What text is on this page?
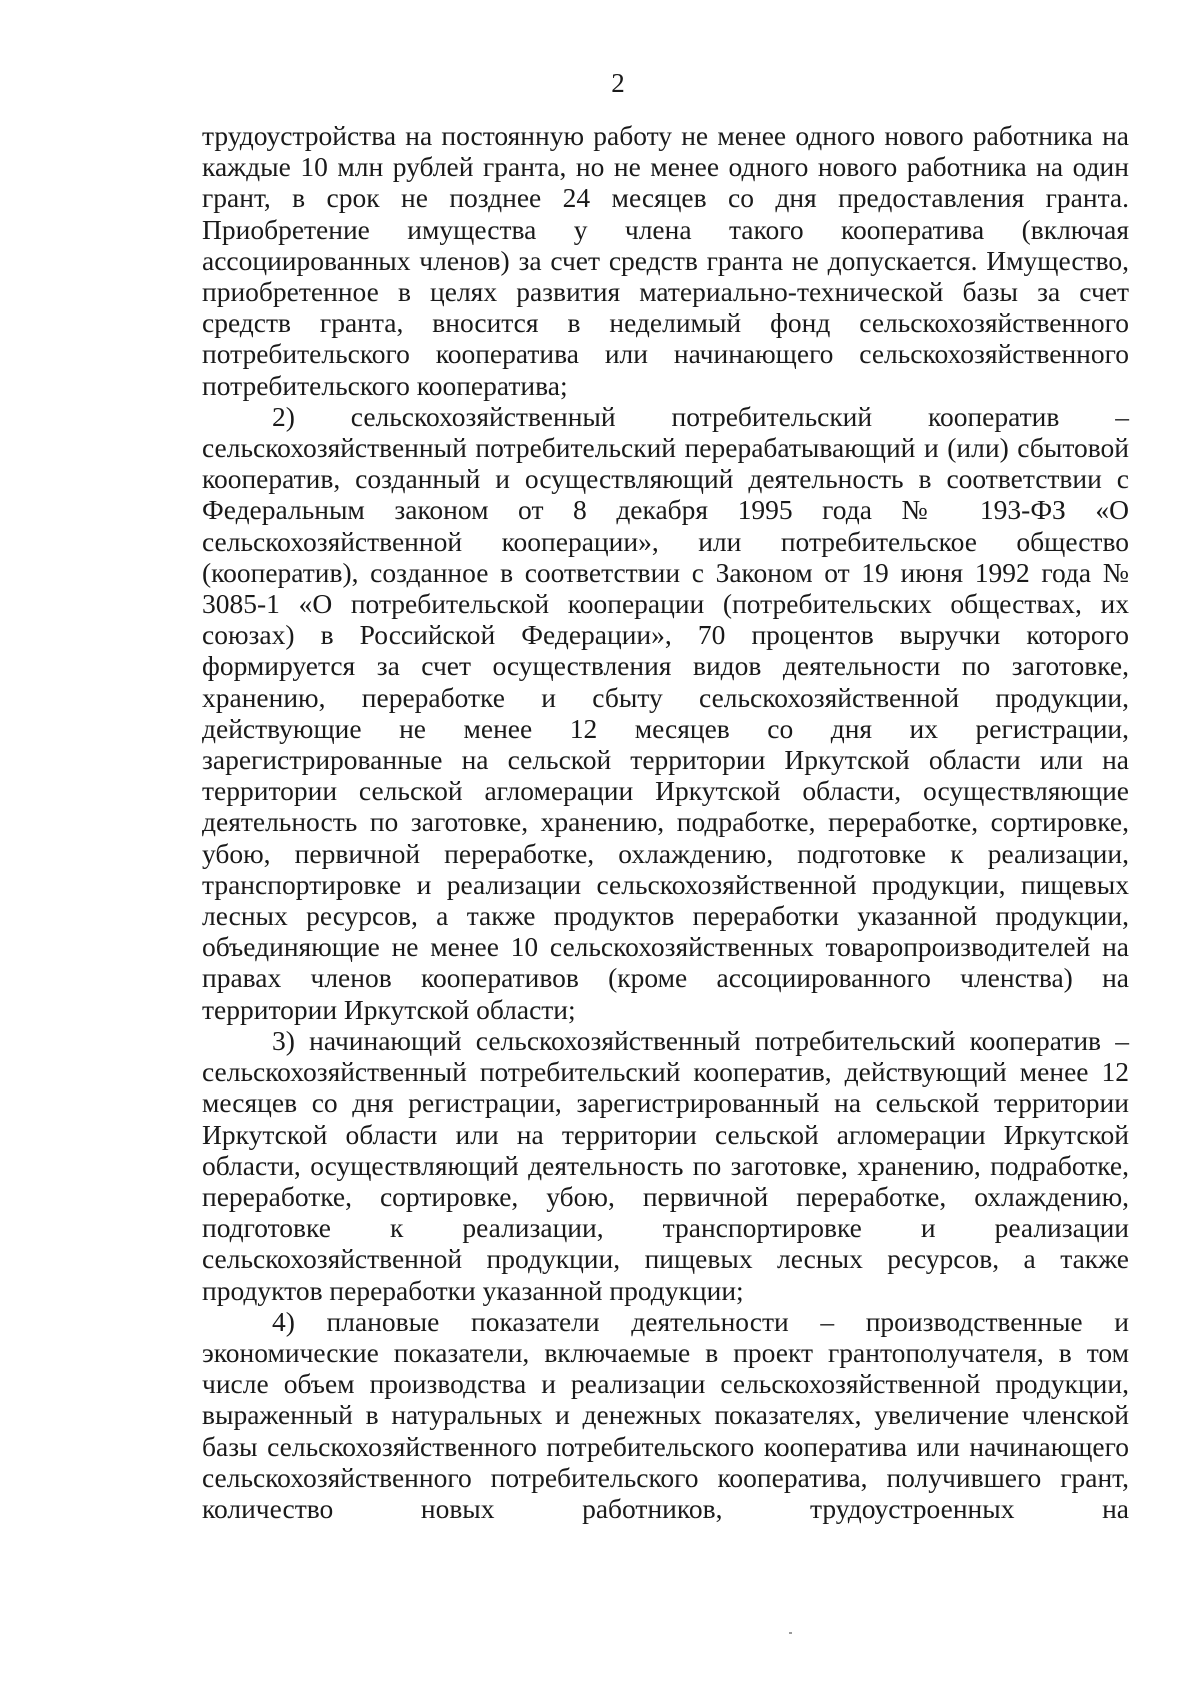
2

трудоустройства на постоянную работу не менее одного нового работника на каждые 10 млн рублей гранта, но не менее одного нового работника на один грант, в срок не позднее 24 месяцев со дня предоставления гранта. Приобретение имущества у члена такого кооператива (включая ассоциированных членов) за счет средств гранта не допускается. Имущество, приобретенное в целях развития материально-технической базы за счет средств гранта, вносится в неделимый фонд сельскохозяйственного потребительского кооператива или начинающего сельскохозяйственного потребительского кооператива;

2) сельскохозяйственный потребительский кооператив – сельскохозяйственный потребительский перерабатывающий и (или) сбытовой кооператив, созданный и осуществляющий деятельность в соответствии с Федеральным законом от 8 декабря 1995 года № 193-ФЗ «О сельскохозяйственной кооперации», или потребительское общество (кооператив), созданное в соответствии с Законом от 19 июня 1992 года № 3085-1 «О потребительской кооперации (потребительских обществах, их союзах) в Российской Федерации», 70 процентов выручки которого формируется за счет осуществления видов деятельности по заготовке, хранению, переработке и сбыту сельскохозяйственной продукции, действующие не менее 12 месяцев со дня их регистрации, зарегистрированные на сельской территории Иркутской области или на территории сельской агломерации Иркутской области, осуществляющие деятельность по заготовке, хранению, подработке, переработке, сортировке, убою, первичной переработке, охлаждению, подготовке к реализации, транспортировке и реализации сельскохозяйственной продукции, пищевых лесных ресурсов, а также продуктов переработки указанной продукции, объединяющие не менее 10 сельскохозяйственных товаропроизводителей на правах членов кооперативов (кроме ассоциированного членства) на территории Иркутской области;

3) начинающий сельскохозяйственный потребительский кооператив – сельскохозяйственный потребительский кооператив, действующий менее 12 месяцев со дня регистрации, зарегистрированный на сельской территории Иркутской области или на территории сельской агломерации Иркутской области, осуществляющий деятельность по заготовке, хранению, подработке, переработке, сортировке, убою, первичной переработке, охлаждению, подготовке к реализации, транспортировке и реализации сельскохозяйственной продукции, пищевых лесных ресурсов, а также продуктов переработки указанной продукции;

4) плановые показатели деятельности – производственные и экономические показатели, включаемые в проект грантополучателя, в том числе объем производства и реализации сельскохозяйственной продукции, выраженный в натуральных и денежных показателях, увеличение членской базы сельскохозяйственного потребительского кооператива или начинающего сельскохозяйственного потребительского кооператива, получившего грант, количество новых работников, трудоустроенных на
